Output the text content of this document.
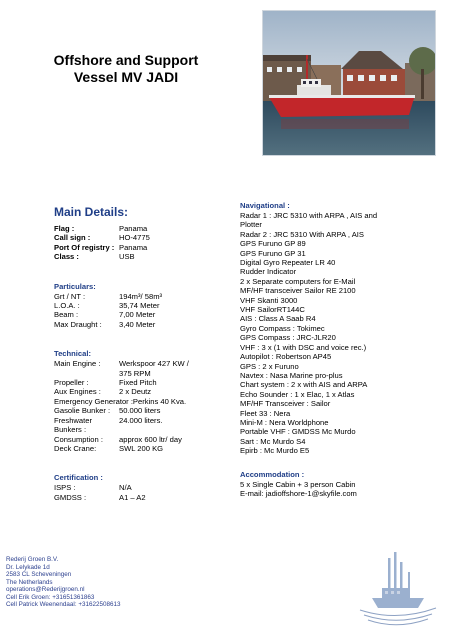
Offshore and Support
Vessel MV JADI
Main Details:
Flag :	Panama
Call sign :	HO-4775
Port Of registry : Panama
Class :	USB
Particulars:
Grt / NT :	194m³/ 58m³
L.O.A. :	35,74 Meter
Beam :	7,00 Meter
Max Draught :	3,40 Meter
Technical:
Main Engine :	Werkspoor 427 KW /
375 RPM
Propeller :	Fixed Pitch
Aux Engines :	2 x Deutz
Emergency Generator :Perkins 40 Kva.
Gasolie Bunker :	50.000 liters
Freshwater Bunkers :
24.000 liters.
Consumption :	approx 600 ltr/ day
Deck Crane:	SWL 200 KG
Certification :
ISPS :	N/A
GMDSS :	A1 – A2
Navigational :
Radar 1 : JRC 5310 with ARPA , AIS and
Plotter
Radar 2 : JRC 5310 With ARPA , AIS
GPS Furuno GP 89
GPS Furuno GP 31
Digital Gyro Repeater LR 40
Rudder Indicator
2 x Separate computers for E-Mail
MF/HF transceiver Sailor RE 2100
VHF Skanti 3000
VHF SailorRT144C
AIS : Class A Saab R4
Gyro Compass : Tokimec
GPS Compass : JRC-JLR20
VHF : 3 x (1 with DSC and voice rec.)
Autopilot : Robertson AP45
GPS : 2 x Furuno
Navtex : Nasa Marine pro-plus
Chart system : 2 x with AIS and ARPA
Echo Sounder : 1 x Elac, 1 x Atlas
MF/HF Transceiver : Sailor
Fleet 33 : Nera
Mini-M : Nera Worldphone
Portable VHF : GMDSS Mc Murdo
Sart : Mc Murdo S4
Epirb : Mc Murdo E5
Accommodation :
5 x Single Cabin + 3 person Cabin
E-mail: jadioffshore-1@skyfile.com
Rederij Groen B.V.
Dr. Lelykade 1d
2583 CL Scheveningen
The Netherlands
operations@Rederijgroen.nl
Cell Erik Groen: +31651361863
Cell Patrick Weenendaal: +31622508613
